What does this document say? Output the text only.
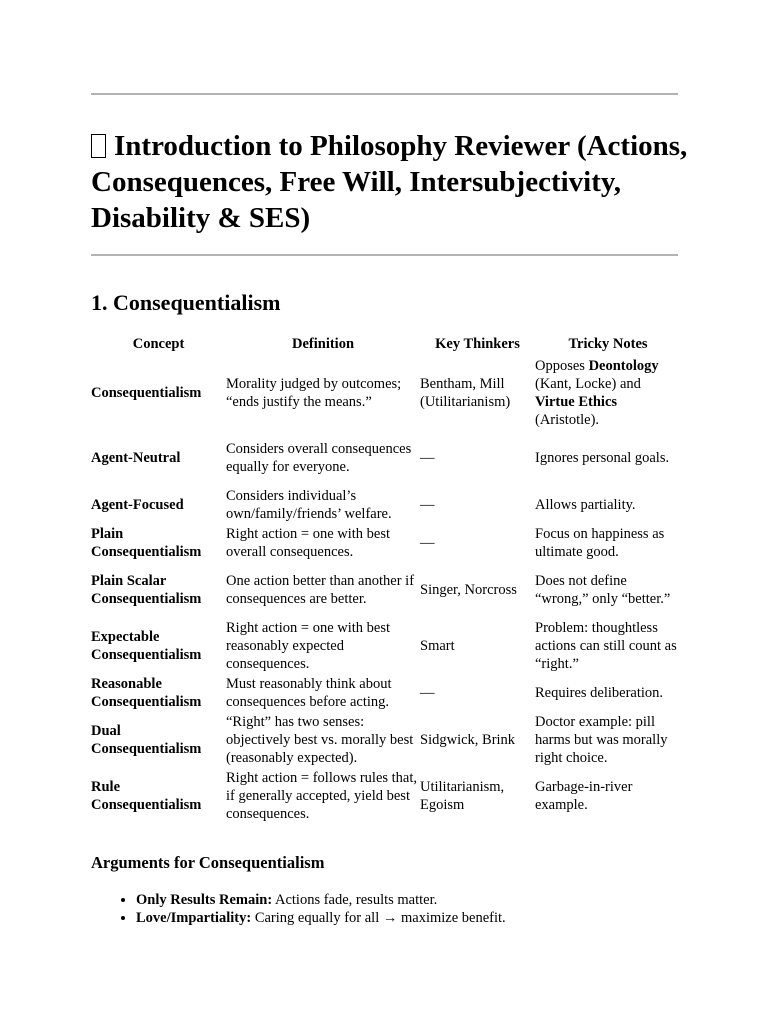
Introduction to Philosophy Reviewer (Actions, Consequences, Free Will, Intersubjectivity, Disability & SES)
1. Consequentialism
Concept	Definition	Key Thinkers	Tricky Notes
Consequentialism	Morality judged by outcomes; “ends justify the means.”	Bentham, Mill (Utilitarianism)	Opposes Deontology (Kant, Locke) and Virtue Ethics (Aristotle).
Agent-Neutral	Considers overall consequences equally for everyone.	—	Ignores personal goals.
Agent-Focused	Considers individual’s own/family/friends’ welfare.	—	Allows partiality.
Plain Consequentialism	Right action = one with best overall consequences.	—	Focus on happiness as ultimate good.
Plain Scalar Consequentialism	One action better than another if consequences are better.	Singer, Norcross	Does not define “wrong,” only “better.”
Expectable Consequentialism	Right action = one with best reasonably expected consequences.	Smart	Problem: thoughtless actions can still count as “right.”
Reasonable Consequentialism	Must reasonably think about consequences before acting.	—	Requires deliberation.
Dual Consequentialism	“Right” has two senses: objectively best vs. morally best (reasonably expected).	Sidgwick, Brink	Doctor example: pill harms but was morally right choice.
Rule Consequentialism	Right action = follows rules that, if generally accepted, yield best consequences.	Utilitarianism, Egoism	Garbage-in-river example.
Arguments for Consequentialism
• Only Results Remain: Actions fade, results matter.
• Love/Impartiality: Caring equally for all → maximize benefit.
